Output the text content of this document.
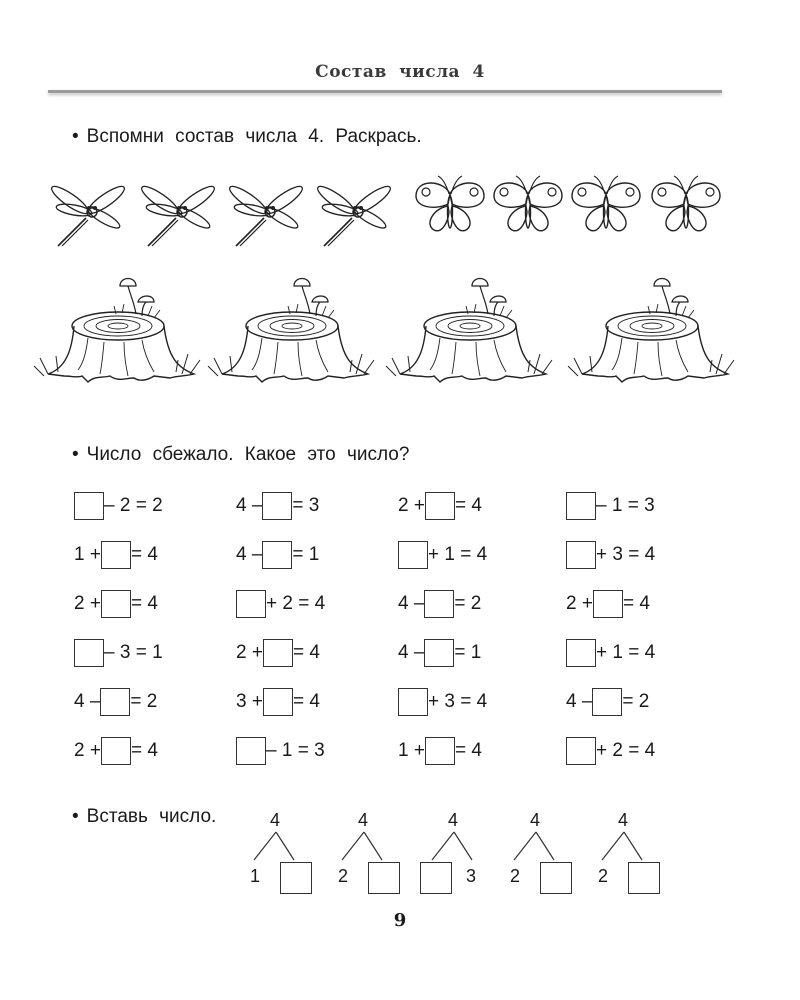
Состав числа 4
• Вспомни состав числа 4. Раскрась.
• Число сбежало. Какое это число?
– 2 = 2	4 – = 3	2 + = 4	– 1 = 3
1 + = 4	4 – = 1	+ 1 = 4	+ 3 = 4
2 + = 4	+ 2 = 4	4 – = 2	2 + = 4
– 3 = 1	2 + = 4	4 – = 1	+ 1 = 4
4 – = 2	3 + = 4	+ 3 = 4	4 – = 2
2 + = 4	– 1 = 3	1 + = 4	+ 2 = 4
• Вставь число.	4
1
4
2
4
3
4
2
4
2
9
